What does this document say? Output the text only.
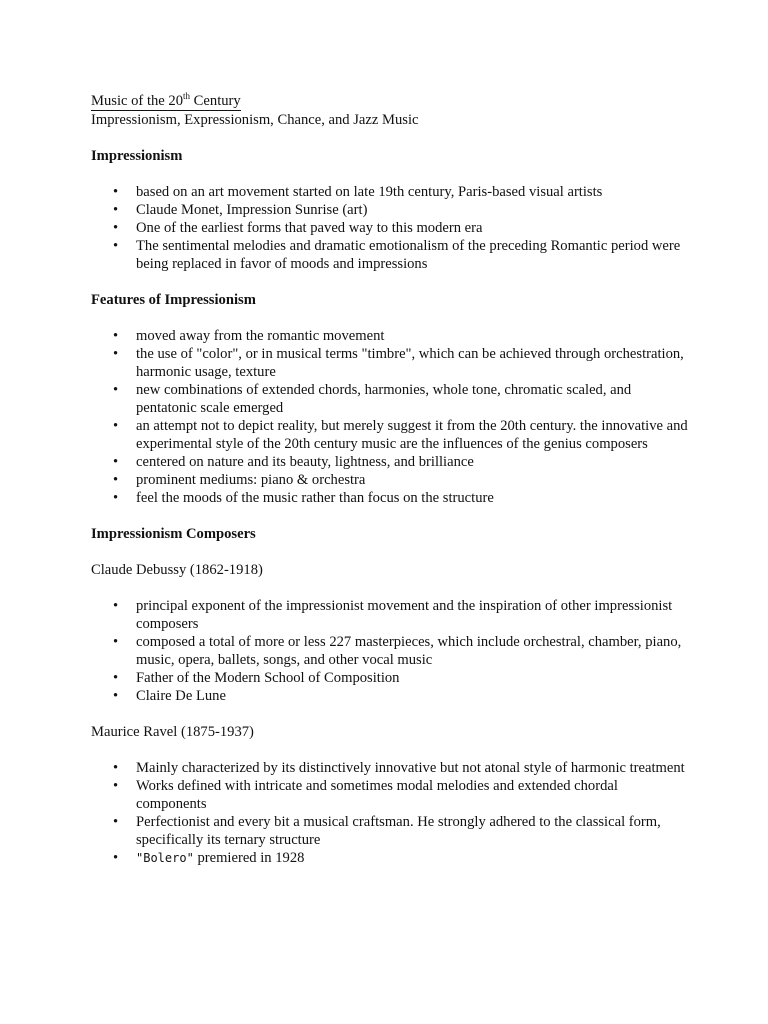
Music of the 20th Century
Impressionism, Expressionism, Chance, and Jazz Music
Impressionism
• based on an art movement started on late 19th century, Paris-based visual artists
• Claude Monet, Impression Sunrise (art)
• One of the earliest forms that paved way to this modern era
• The sentimental melodies and dramatic emotionalism of the preceding Romantic period were being replaced in favor of moods and impressions
Features of Impressionism
• moved away from the romantic movement
• the use of "color", or in musical terms "timbre", which can be achieved through orchestration, harmonic usage, texture
• new combinations of extended chords, harmonies, whole tone, chromatic scaled, and pentatonic scale emerged
• an attempt not to depict reality, but merely suggest it from the 20th century. the innovative and experimental style of the 20th century music are the influences of the genius composers
• centered on nature and its beauty, lightness, and brilliance
• prominent mediums: piano & orchestra
• feel the moods of the music rather than focus on the structure
Impressionism Composers
Claude Debussy (1862-1918)
• principal exponent of the impressionist movement and the inspiration of other impressionist composers
• composed a total of more or less 227 masterpieces, which include orchestral, chamber, piano, music, opera, ballets, songs, and other vocal music
• Father of the Modern School of Composition
• Claire De Lune
Maurice Ravel (1875-1937)
• Mainly characterized by its distinctively innovative but not atonal style of harmonic treatment
• Works defined with intricate and sometimes modal melodies and extended chordal components
• Perfectionist and every bit a musical craftsman. He strongly adhered to the classical form, specifically its ternary structure
• "Bolero" premiered in 1928
